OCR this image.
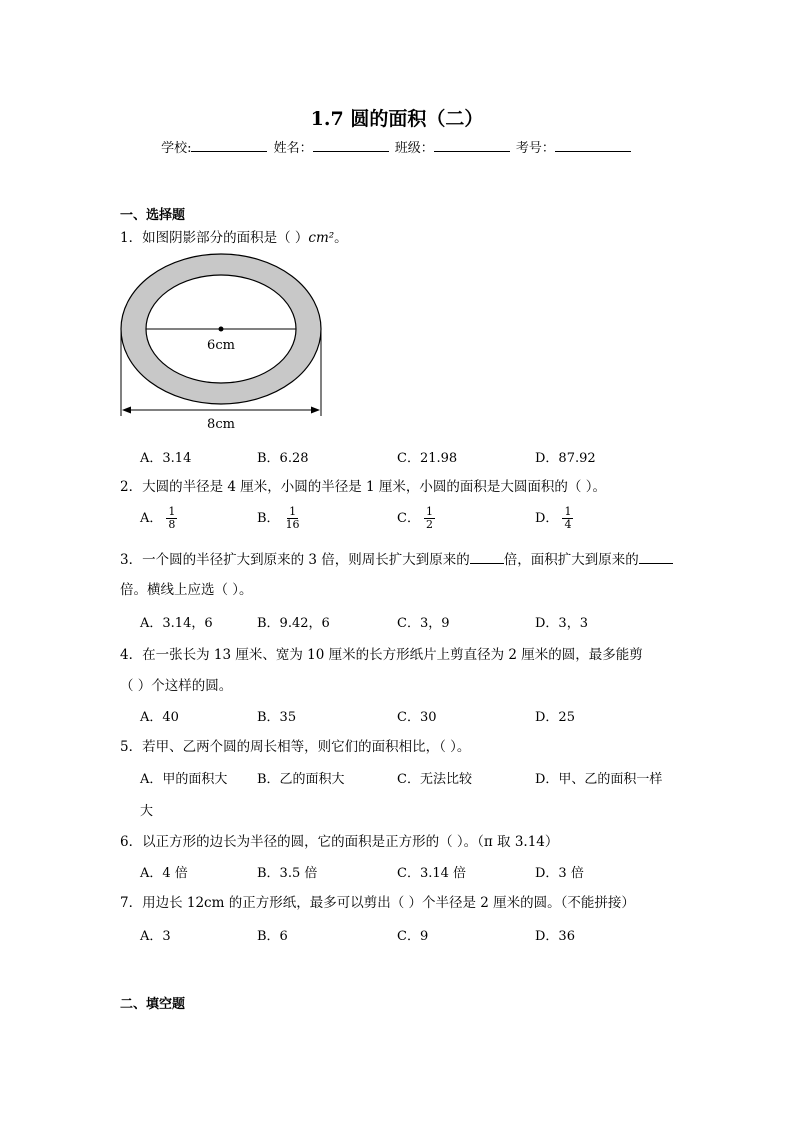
1.7 圆的面积（二）
学校:	姓名：	班级：	考号：
一、选择题
1．如图阴影部分的面积是（ ）cm²。
6cm
8cm
A．3.14	B．6.28	C．21.98	D．87.92
2．大圆的半径是 4 厘米，小圆的半径是 1 厘米，小圆的面积是大圆面积的（ ）。
A． $\frac{1}{8}$	B． $\frac{1}{16}$	C． $\frac{1}{2}$	D． $\frac{1}{4}$
3．一个圆的半径扩大到原来的 3 倍，则周长扩大到原来的	倍，面积扩大到原来的
倍。横线上应选（ ）。
A．3.14，6	B．9.42，6	C．3，9	D．3，3
4．在一张长为 13 厘米、宽为 10 厘米的长方形纸片上剪直径为 2 厘米的圆，最多能剪
（ ）个这样的圆。
A．40	B．35	C．30	D．25
5．若甲、乙两个圆的周长相等，则它们的面积相比，（ ）。
A．甲的面积大 B．乙的面积大	C．无法比较	D．甲、乙的面积一样
大
6．以正方形的边长为半径的圆，它的面积是正方形的（ ）。（π 取 3.14）
A．4 倍	B．3.5 倍	C．3.14 倍	D．3 倍
7．用边长 12cm 的正方形纸，最多可以剪出（ ）个半径是 2 厘米的圆。（不能拼接）
A．3	B．6	C．9	D．36
二、填空题
